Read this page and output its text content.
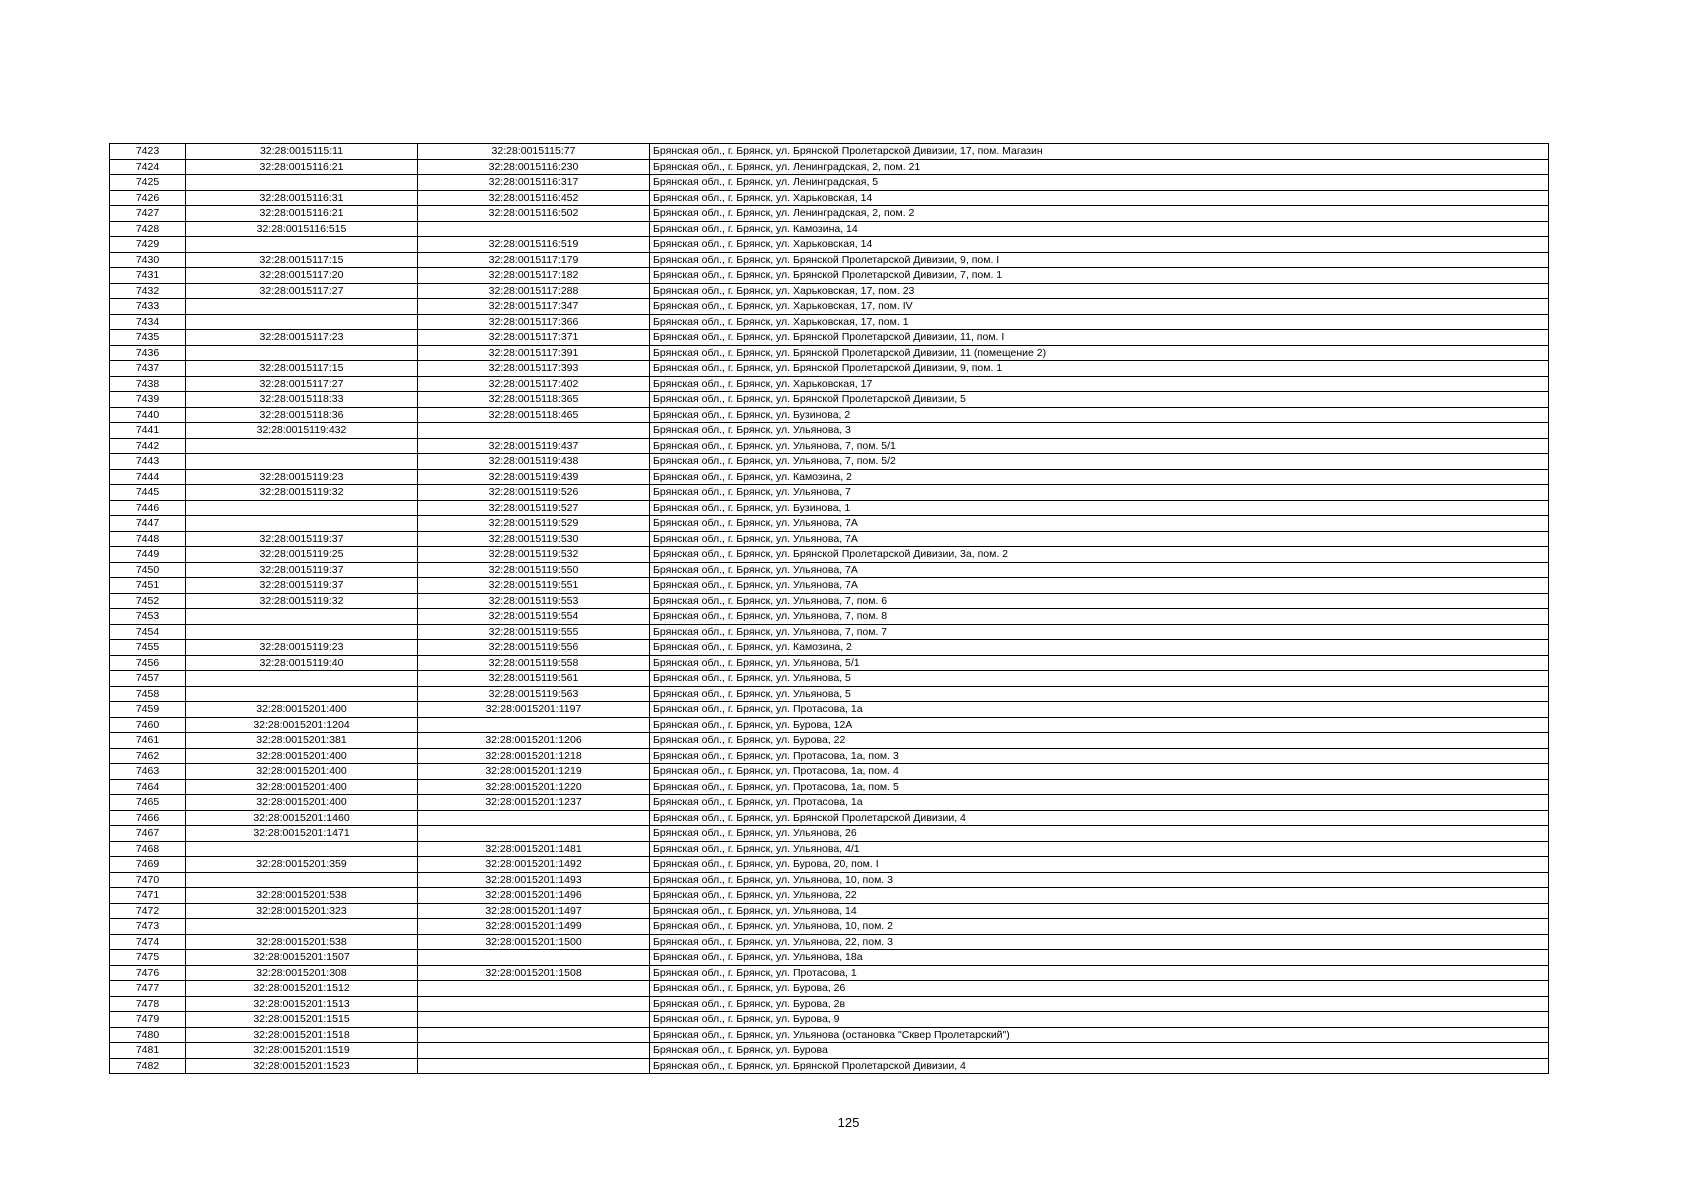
7423	32:28:0015115:11	32:28:0015115:77	Брянская обл., г. Брянск, ул. Брянской Пролетарской Дивизии, 17, пом. Магазин
7424	32:28:0015116:21	32:28:0015116:230	Брянская обл., г. Брянск, ул. Ленинградская, 2, пом. 21
7425		32:28:0015116:317	Брянская обл., г. Брянск, ул. Ленинградская, 5
7426	32:28:0015116:31	32:28:0015116:452	Брянская обл., г. Брянск, ул. Харьковская, 14
7427	32:28:0015116:21	32:28:0015116:502	Брянская обл., г. Брянск, ул. Ленинградская, 2, пом. 2
7428	32:28:0015116:515		Брянская обл., г. Брянск, ул. Камозина, 14
7429		32:28:0015116:519	Брянская обл., г. Брянск, ул. Харьковская, 14
7430	32:28:0015117:15	32:28:0015117:179	Брянская обл., г. Брянск, ул. Брянской Пролетарской Дивизии, 9, пом. I
7431	32:28:0015117:20	32:28:0015117:182	Брянская обл., г. Брянск, ул. Брянской Пролетарской Дивизии, 7, пом. 1
7432	32:28:0015117:27	32:28:0015117:288	Брянская обл., г. Брянск, ул. Харьковская, 17, пом. 23
7433		32:28:0015117:347	Брянская обл., г. Брянск, ул. Харьковская, 17, пом. IV
7434		32:28:0015117:366	Брянская обл., г. Брянск, ул. Харьковская, 17, пом. 1
7435	32:28:0015117:23	32:28:0015117:371	Брянская обл., г. Брянск, ул. Брянской Пролетарской Дивизии, 11, пом. I
7436		32:28:0015117:391	Брянская обл., г. Брянск, ул. Брянской Пролетарской Дивизии, 11 (помещение 2)
7437	32:28:0015117:15	32:28:0015117:393	Брянская обл., г. Брянск, ул. Брянской Пролетарской Дивизии, 9, пом. 1
7438	32:28:0015117:27	32:28:0015117:402	Брянская обл., г. Брянск, ул. Харьковская, 17
7439	32:28:0015118:33	32:28:0015118:365	Брянская обл., г. Брянск, ул. Брянской Пролетарской Дивизии, 5
7440	32:28:0015118:36	32:28:0015118:465	Брянская обл., г. Брянск, ул. Бузинова, 2
7441	32:28:0015119:432		Брянская обл., г. Брянск, ул. Ульянова, 3
7442		32:28:0015119:437	Брянская обл., г. Брянск, ул. Ульянова, 7, пом. 5/1
7443		32:28:0015119:438	Брянская обл., г. Брянск, ул. Ульянова, 7, пом. 5/2
7444	32:28:0015119:23	32:28:0015119:439	Брянская обл., г. Брянск, ул. Камозина, 2
7445	32:28:0015119:32	32:28:0015119:526	Брянская обл., г. Брянск, ул. Ульянова, 7
7446		32:28:0015119:527	Брянская обл., г. Брянск, ул. Бузинова, 1
7447		32:28:0015119:529	Брянская обл., г. Брянск, ул. Ульянова, 7А
7448	32:28:0015119:37	32:28:0015119:530	Брянская обл., г. Брянск, ул. Ульянова, 7А
7449	32:28:0015119:25	32:28:0015119:532	Брянская обл., г. Брянск, ул. Брянской Пролетарской Дивизии, 3а, пом. 2
7450	32:28:0015119:37	32:28:0015119:550	Брянская обл., г. Брянск, ул. Ульянова, 7А
7451	32:28:0015119:37	32:28:0015119:551	Брянская обл., г. Брянск, ул. Ульянова, 7А
7452	32:28:0015119:32	32:28:0015119:553	Брянская обл., г. Брянск, ул. Ульянова, 7, пом. 6
7453		32:28:0015119:554	Брянская обл., г. Брянск, ул. Ульянова, 7, пом. 8
7454		32:28:0015119:555	Брянская обл., г. Брянск, ул. Ульянова, 7, пом. 7
7455	32:28:0015119:23	32:28:0015119:556	Брянская обл., г. Брянск, ул. Камозина, 2
7456	32:28:0015119:40	32:28:0015119:558	Брянская обл., г. Брянск, ул. Ульянова, 5/1
7457		32:28:0015119:561	Брянская обл., г. Брянск, ул. Ульянова, 5
7458		32:28:0015119:563	Брянская обл., г. Брянск, ул. Ульянова, 5
7459	32:28:0015201:400	32:28:0015201:1197	Брянская обл., г. Брянск, ул. Протасова, 1а
7460	32:28:0015201:1204		Брянская обл., г. Брянск, ул. Бурова, 12А
7461	32:28:0015201:381	32:28:0015201:1206	Брянская обл., г. Брянск, ул. Бурова, 22
7462	32:28:0015201:400	32:28:0015201:1218	Брянская обл., г. Брянск, ул. Протасова, 1а, пом. 3
7463	32:28:0015201:400	32:28:0015201:1219	Брянская обл., г. Брянск, ул. Протасова, 1а, пом. 4
7464	32:28:0015201:400	32:28:0015201:1220	Брянская обл., г. Брянск, ул. Протасова, 1а, пом. 5
7465	32:28:0015201:400	32:28:0015201:1237	Брянская обл., г. Брянск, ул. Протасова, 1а
7466	32:28:0015201:1460		Брянская обл., г. Брянск, ул. Брянской Пролетарской Дивизии, 4
7467	32:28:0015201:1471		Брянская обл., г. Брянск, ул. Ульянова, 26
7468		32:28:0015201:1481	Брянская обл., г. Брянск, ул. Ульянова, 4/1
7469	32:28:0015201:359	32:28:0015201:1492	Брянская обл., г. Брянск, ул. Бурова, 20, пом. I
7470		32:28:0015201:1493	Брянская обл., г. Брянск, ул. Ульянова, 10, пом. 3
7471	32:28:0015201:538	32:28:0015201:1496	Брянская обл., г. Брянск, ул. Ульянова, 22
7472	32:28:0015201:323	32:28:0015201:1497	Брянская обл., г. Брянск, ул. Ульянова, 14
7473		32:28:0015201:1499	Брянская обл., г. Брянск, ул. Ульянова, 10, пом. 2
7474	32:28:0015201:538	32:28:0015201:1500	Брянская обл., г. Брянск, ул. Ульянова, 22, пом. 3
7475	32:28:0015201:1507		Брянская обл., г. Брянск, ул. Ульянова, 18а
7476	32:28:0015201:308	32:28:0015201:1508	Брянская обл., г. Брянск, ул. Протасова, 1
7477	32:28:0015201:1512		Брянская обл., г. Брянск, ул. Бурова, 26
7478	32:28:0015201:1513		Брянская обл., г. Брянск, ул. Бурова, 2в
7479	32:28:0015201:1515		Брянская обл., г. Брянск, ул. Бурова, 9
7480	32:28:0015201:1518		Брянская обл., г. Брянск, ул. Ульянова (остановка "Сквер Пролетарский")
7481	32:28:0015201:1519		Брянская обл., г. Брянск, ул. Бурова
7482	32:28:0015201:1523		Брянская обл., г. Брянск, ул. Брянской Пролетарской Дивизии, 4
125
